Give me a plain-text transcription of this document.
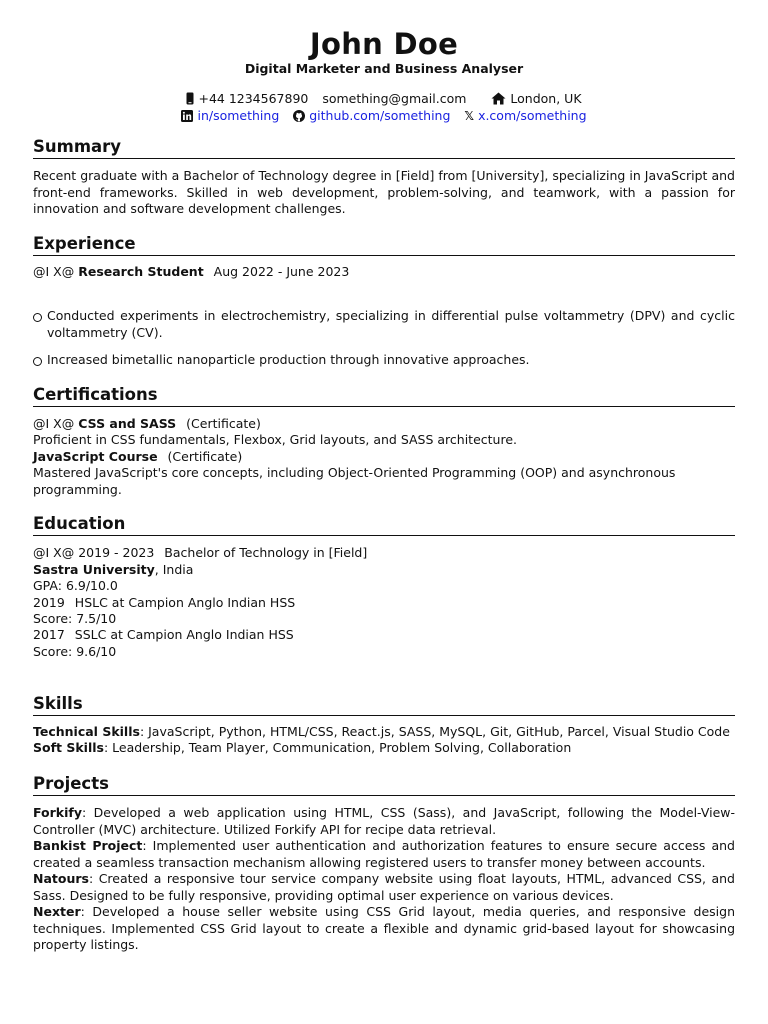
John Doe
Digital Marketer and Business Analyser
+44 1234567890 something@gmail.com	London, UK
in/something github.com/something 𝕏 x.com/something
Summary
Recent graduate with a Bachelor of Technology degree in [Field] from [University], specializing in JavaScript and front-end frameworks. Skilled in web development, problem-solving, and teamwork, with a passion for innovation and software development challenges.
Experience
@I X@ Research Student Aug 2022 - June 2023
Conducted experiments in electrochemistry, specializing in differential pulse voltammetry (DPV) and cyclic voltammetry (CV).
Increased bimetallic nanoparticle production through innovative approaches.
Certifications
@I X@ CSS and SASS (Certificate)
Proficient in CSS fundamentals, Flexbox, Grid layouts, and SASS architecture.
JavaScript Course (Certificate)
Mastered JavaScript's core concepts, including Object-Oriented Programming (OOP) and asynchronous programming.
Education
@I X@ 2019 - 2023 Bachelor of Technology in [Field]
Sastra University, India
GPA: 6.9/10.0
2019 HSLC at Campion Anglo Indian HSS
Score: 7.5/10
2017 SSLC at Campion Anglo Indian HSS
Score: 9.6/10
Skills
Technical Skills: JavaScript, Python, HTML/CSS, React.js, SASS, MySQL, Git, GitHub, Parcel, Visual Studio Code
Soft Skills: Leadership, Team Player, Communication, Problem Solving, Collaboration
Projects
Forkify: Developed a web application using HTML, CSS (Sass), and JavaScript, following the Model-View-Controller (MVC) architecture. Utilized Forkify API for recipe data retrieval.
Bankist Project: Implemented user authentication and authorization features to ensure secure access and created a seamless transaction mechanism allowing registered users to transfer money between accounts.
Natours: Created a responsive tour service company website using float layouts, HTML, advanced CSS, and Sass. Designed to be fully responsive, providing optimal user experience on various devices.
Nexter: Developed a house seller website using CSS Grid layout, media queries, and responsive design techniques. Implemented CSS Grid layout to create a flexible and dynamic grid-based layout for showcasing property listings.
